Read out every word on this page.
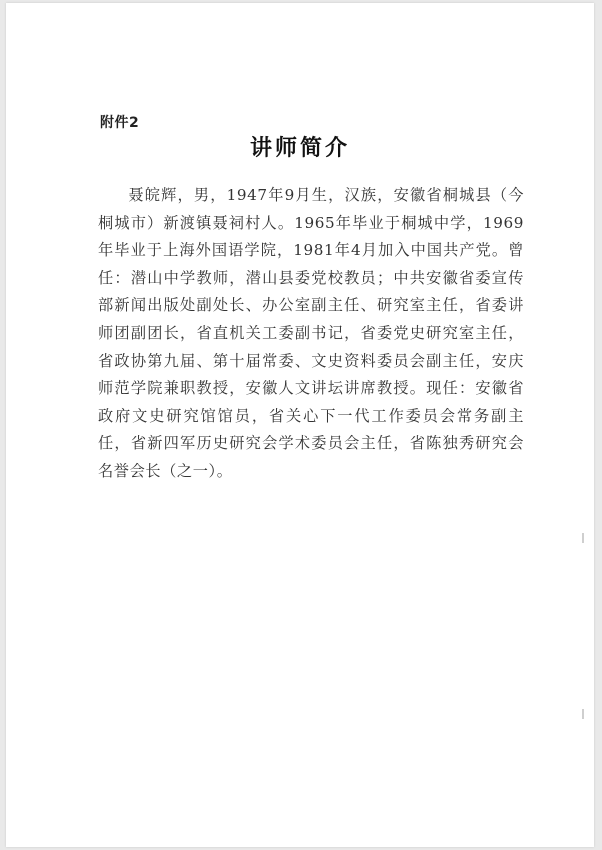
附件2
讲师简介

聂皖辉，男，1947年9月生，汉族，安徽省桐城县（今桐城市）新渡镇聂祠村人。1965年毕业于桐城中学，1969年毕业于上海外国语学院，1981年4月加入中国共产党。曾任：潜山中学教师，潜山县委党校教员；中共安徽省委宣传部新闻出版处副处长、办公室副主任、研究室主任，省委讲师团副团长，省直机关工委副书记，省委党史研究室主任，省政协第九届、第十届常委、文史资料委员会副主任，安庆师范学院兼职教授，安徽人文讲坛讲席教授。现任：安徽省政府文史研究馆馆员，省关心下一代工作委员会常务副主任，省新四军历史研究会学术委员会主任，省陈独秀研究会名誉会长（之一）。
